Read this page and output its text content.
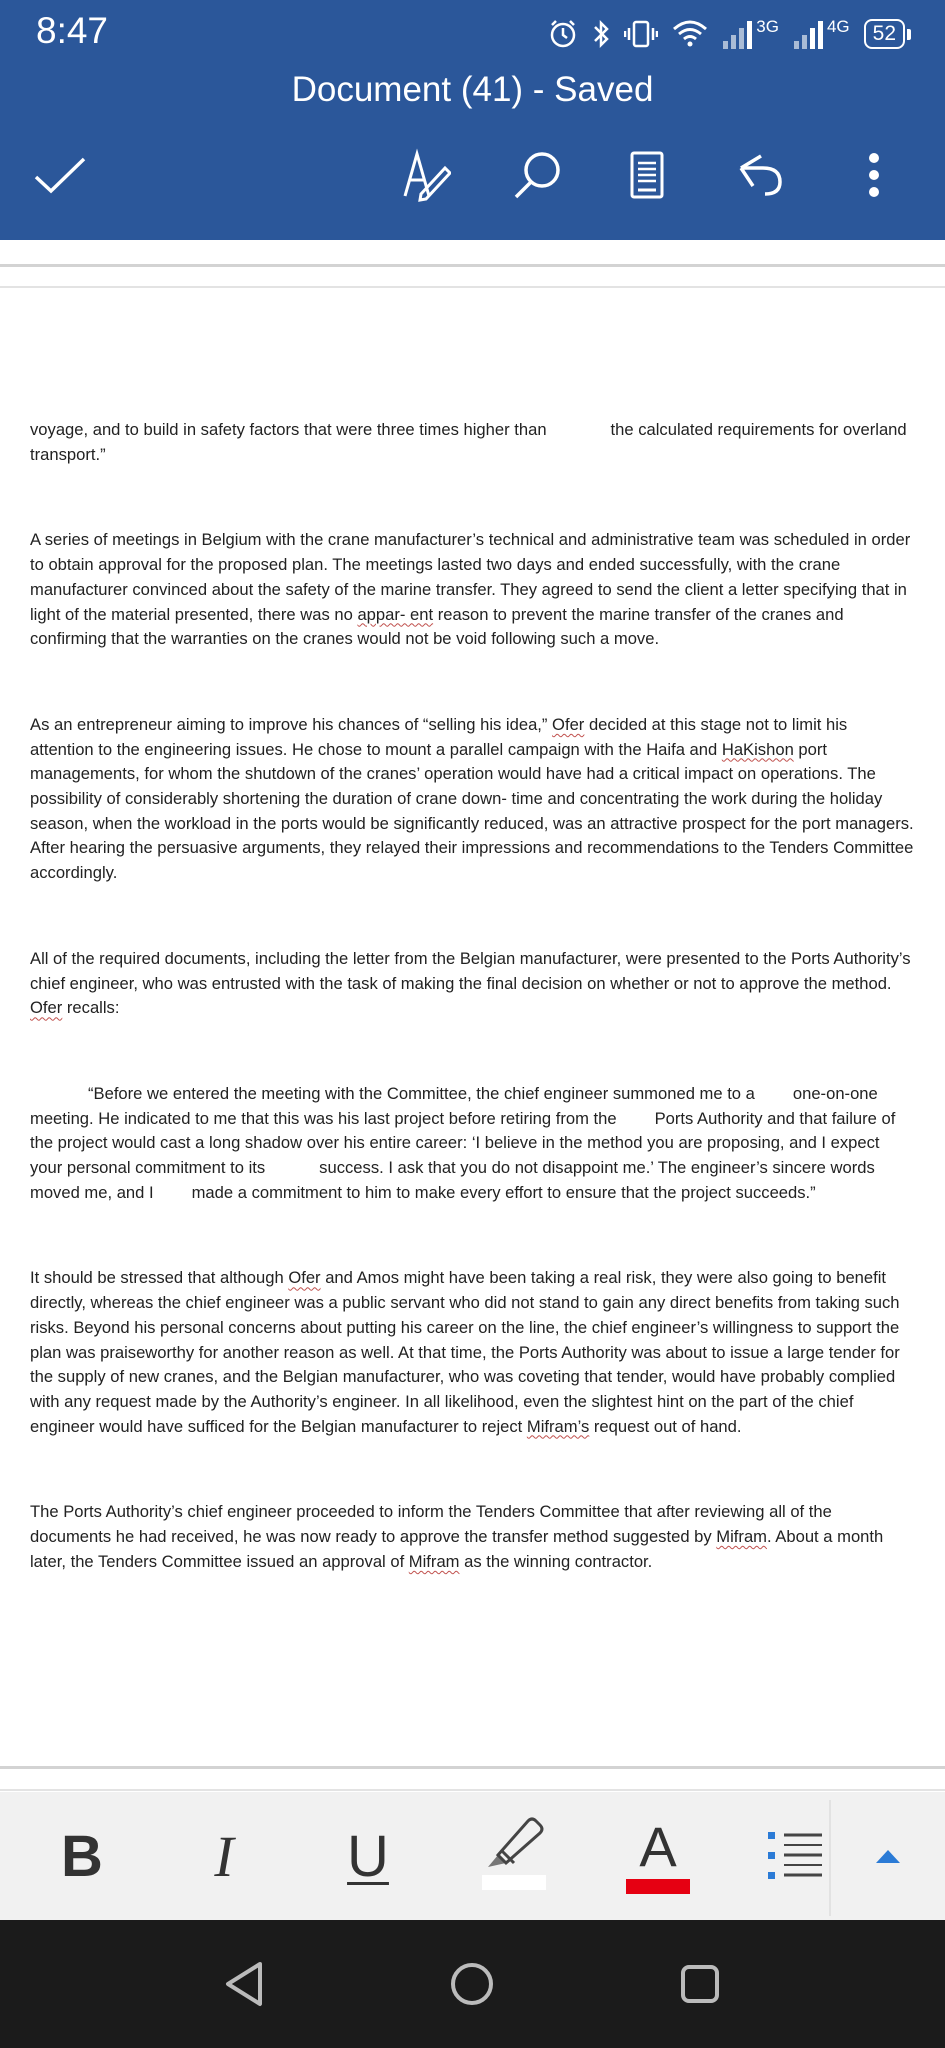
8:47	3G	4G	52
Document (41) - Saved

voyage, and to build in safety factors that were three times higher than	the calculated requirements for overland transport.”

A series of meetings in Belgium with the crane manufacturer’s technical and administrative team was scheduled in order to obtain approval for the proposed plan. The meetings lasted two days and ended successfully, with the crane manufacturer convinced about the safety of the marine transfer. They agreed to send the client a letter specifying that in light of the material presented, there was no appar- ent reason to prevent the marine transfer of the cranes and confirming that the warranties on the cranes would not be void following such a move.

As an entrepreneur aiming to improve his chances of “selling his idea,” Ofer decided at this stage not to limit his attention to the engineering issues. He chose to mount a parallel campaign with the Haifa and HaKishon port managements, for whom the shutdown of the cranes’ operation would have had a critical impact on operations. The possibility of considerably shortening the duration of crane down- time and concentrating the work during the holiday season, when the workload in the ports would be significantly reduced, was an attractive prospect for the port managers. After hearing the persuasive arguments, they relayed their impressions and recommendations to the Tenders Committee accordingly.

All of the required documents, including the letter from the Belgian manufacturer, were presented to the Ports Authority’s chief engineer, who was entrusted with the task of making the final decision on whether or not to approve the method. Ofer recalls:

“Before we entered the meeting with the Committee, the chief engineer summoned me to a one-on-one meeting. He indicated to me that this was his last project before retiring from the Ports Authority and that failure of the project would cast a long shadow over his entire career: ‘I believe in the method you are proposing, and I expect your personal commitment to its	success. I ask that you do not disappoint me.’ The engineer’s sincere words moved me, and I made a commitment to him to make every effort to ensure that the project succeeds.”

It should be stressed that although Ofer and Amos might have been taking a real risk, they were also going to benefit directly, whereas the chief engineer was a public servant who did not stand to gain any direct benefits from taking such risks. Beyond his personal concerns about putting his career on the line, the chief engineer’s willingness to support the plan was praiseworthy for another reason as well. At that time, the Ports Authority was about to issue a large tender for the supply of new cranes, and the Belgian manufacturer, who was coveting that tender, would have probably complied with any request made by the Authority’s engineer. In all likelihood, even the slightest hint on the part of the chief engineer would have sufficed for the Belgian manufacturer to reject Mifram’s request out of hand.

The Ports Authority’s chief engineer proceeded to inform the Tenders Committee that after reviewing all of the documents he had received, he was now ready to approve the transfer method suggested by Mifram. About a month later, the Tenders Committee issued an approval of Mifram as the winning contractor.

B	I	U	A
